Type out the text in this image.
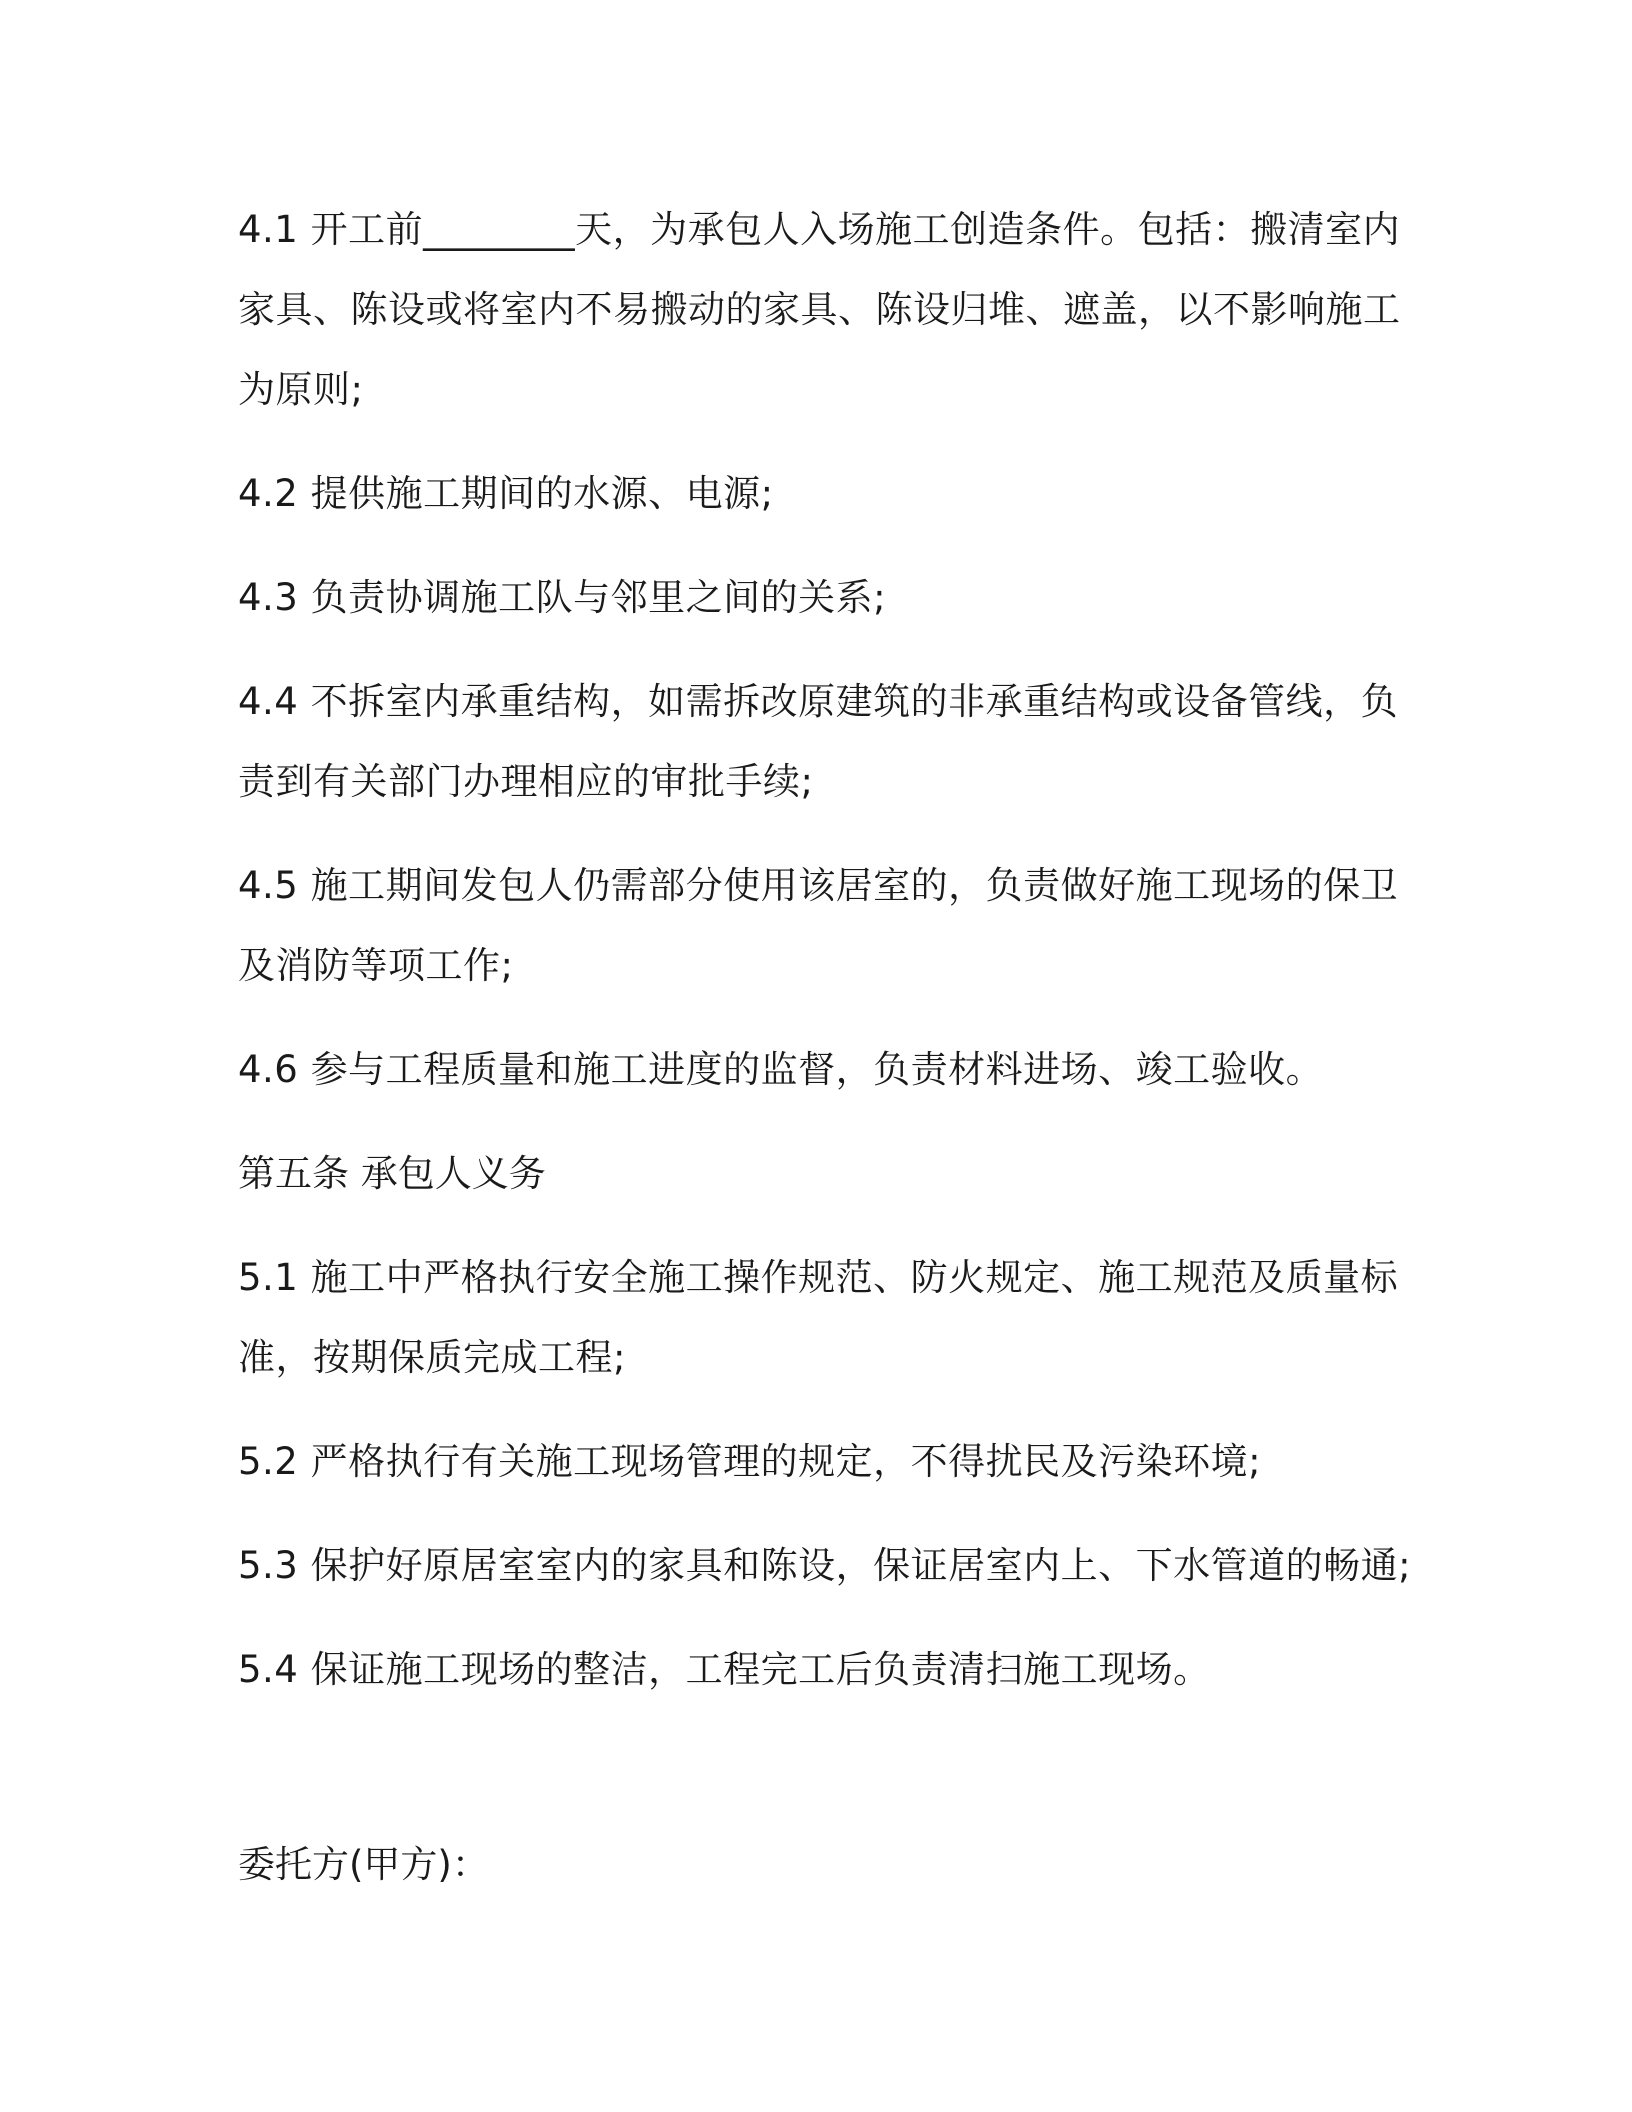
4.1 开工前________天，为承包人入场施工创造条件。包括：搬清室内家具、陈设或将室内不易搬动的家具、陈设归堆、遮盖，以不影响施工为原则;

4.2 提供施工期间的水源、电源;

4.3 负责协调施工队与邻里之间的关系;

4.4 不拆室内承重结构，如需拆改原建筑的非承重结构或设备管线，负责到有关部门办理相应的审批手续;

4.5 施工期间发包人仍需部分使用该居室的，负责做好施工现场的保卫及消防等项工作;

4.6 参与工程质量和施工进度的监督，负责材料进场、竣工验收。

第五条 承包人义务

5.1 施工中严格执行安全施工操作规范、防火规定、施工规范及质量标准，按期保质完成工程;

5.2 严格执行有关施工现场管理的规定，不得扰民及污染环境;

5.3 保护好原居室室内的家具和陈设，保证居室内上、下水管道的畅通;

5.4 保证施工现场的整洁，工程完工后负责清扫施工现场。

委托方(甲方)：
